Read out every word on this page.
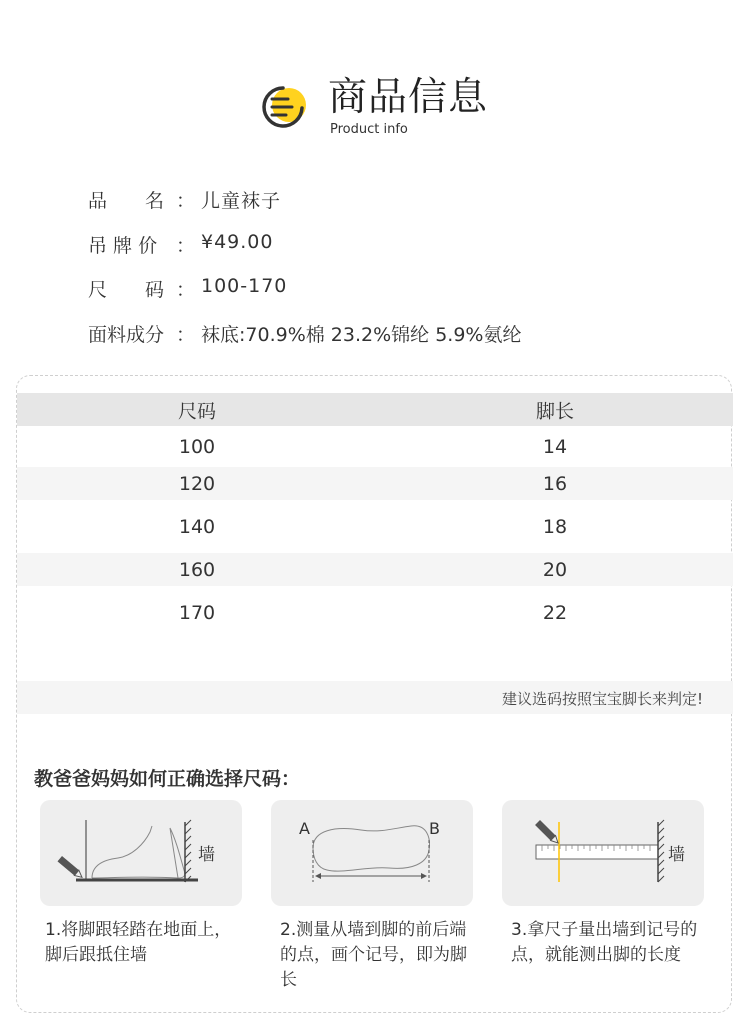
商品信息
Product info
品　　名 ： 儿童袜子
吊 牌 价 ： ¥49.00
尺　　码 ： 100-170
面料成分 ： 袜底:70.9%棉 23.2%锦纶 5.9%氨纶
尺码	脚长
100	14
120	16
140	18
160	20
170	22
建议选码按照宝宝脚长来判定!
教爸爸妈妈如何正确选择尺码：
墙
A	B
墙
1.将脚跟轻踏在地面上，脚后跟抵住墙
2.测量从墙到脚的前后端的点，画个记号，即为脚长
3.拿尺子量出墙到记号的点，就能测出脚的长度
